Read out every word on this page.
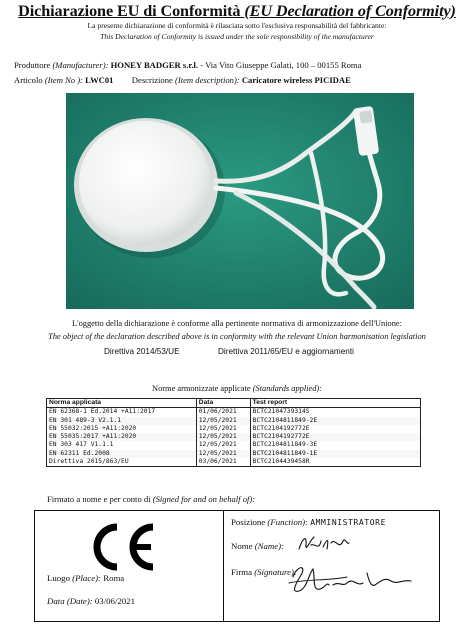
Dichiarazione EU di Conformità (EU Declaration of Conformity)
La presente dichiarazione di conformità è rilasciata sotto l'esclusiva responsabilità del fabbricante:
This Declaration of Conformity is issued under the sole responsibility of the manufacturer
Produttore (Manufacturer): HONEY BADGER s.r.l. - Via Vito Giuseppe Galati, 100 – 00155 Roma
Articolo (Item No ): LWC01 Descrizione (Item description): Caricatore wireless PICIDAE
L'oggetto della dichiarazione è conforme alla pertinente normativa di armonizzazione dell'Unione:
The object of the declaration described above is in conformity with the relevant Union harmonisation legislation
Direttiva 2014/53/UE	Direttiva 2011/65/EU e aggiornamenti
Norme armonizzate applicate (Standards applied):
Norma applicata	Data	Test report
EN 62368-1 Ed.2014 +A11:2017	01/06/2021	BCTC2104739314S
EN 301 489-3 V2.1.1	12/05/2021	BCTC2104811849-2E
EN 55032:2015 +A11:2020	12/05/2021	BCTC2104192772E
EN 55035:2017 +A11:2020	12/05/2021	BCTC2104192772E
EN 303 417 V1.1.1	12/05/2021	BCTC2104811849-3E
EN 62311 Ed.2008	12/05/2021	BCTC2104811849-1E
Direttiva 2015/863/EU	03/06/2021	BCTC2104439458R
Firmato a nome e per conto di (Signed for and on behalf of):
Luogo (Place): Roma
Data (Date): 03/06/2021
Posizione (Function): AMMINISTRATORE
Nome (Name):
Firma (Signature):
